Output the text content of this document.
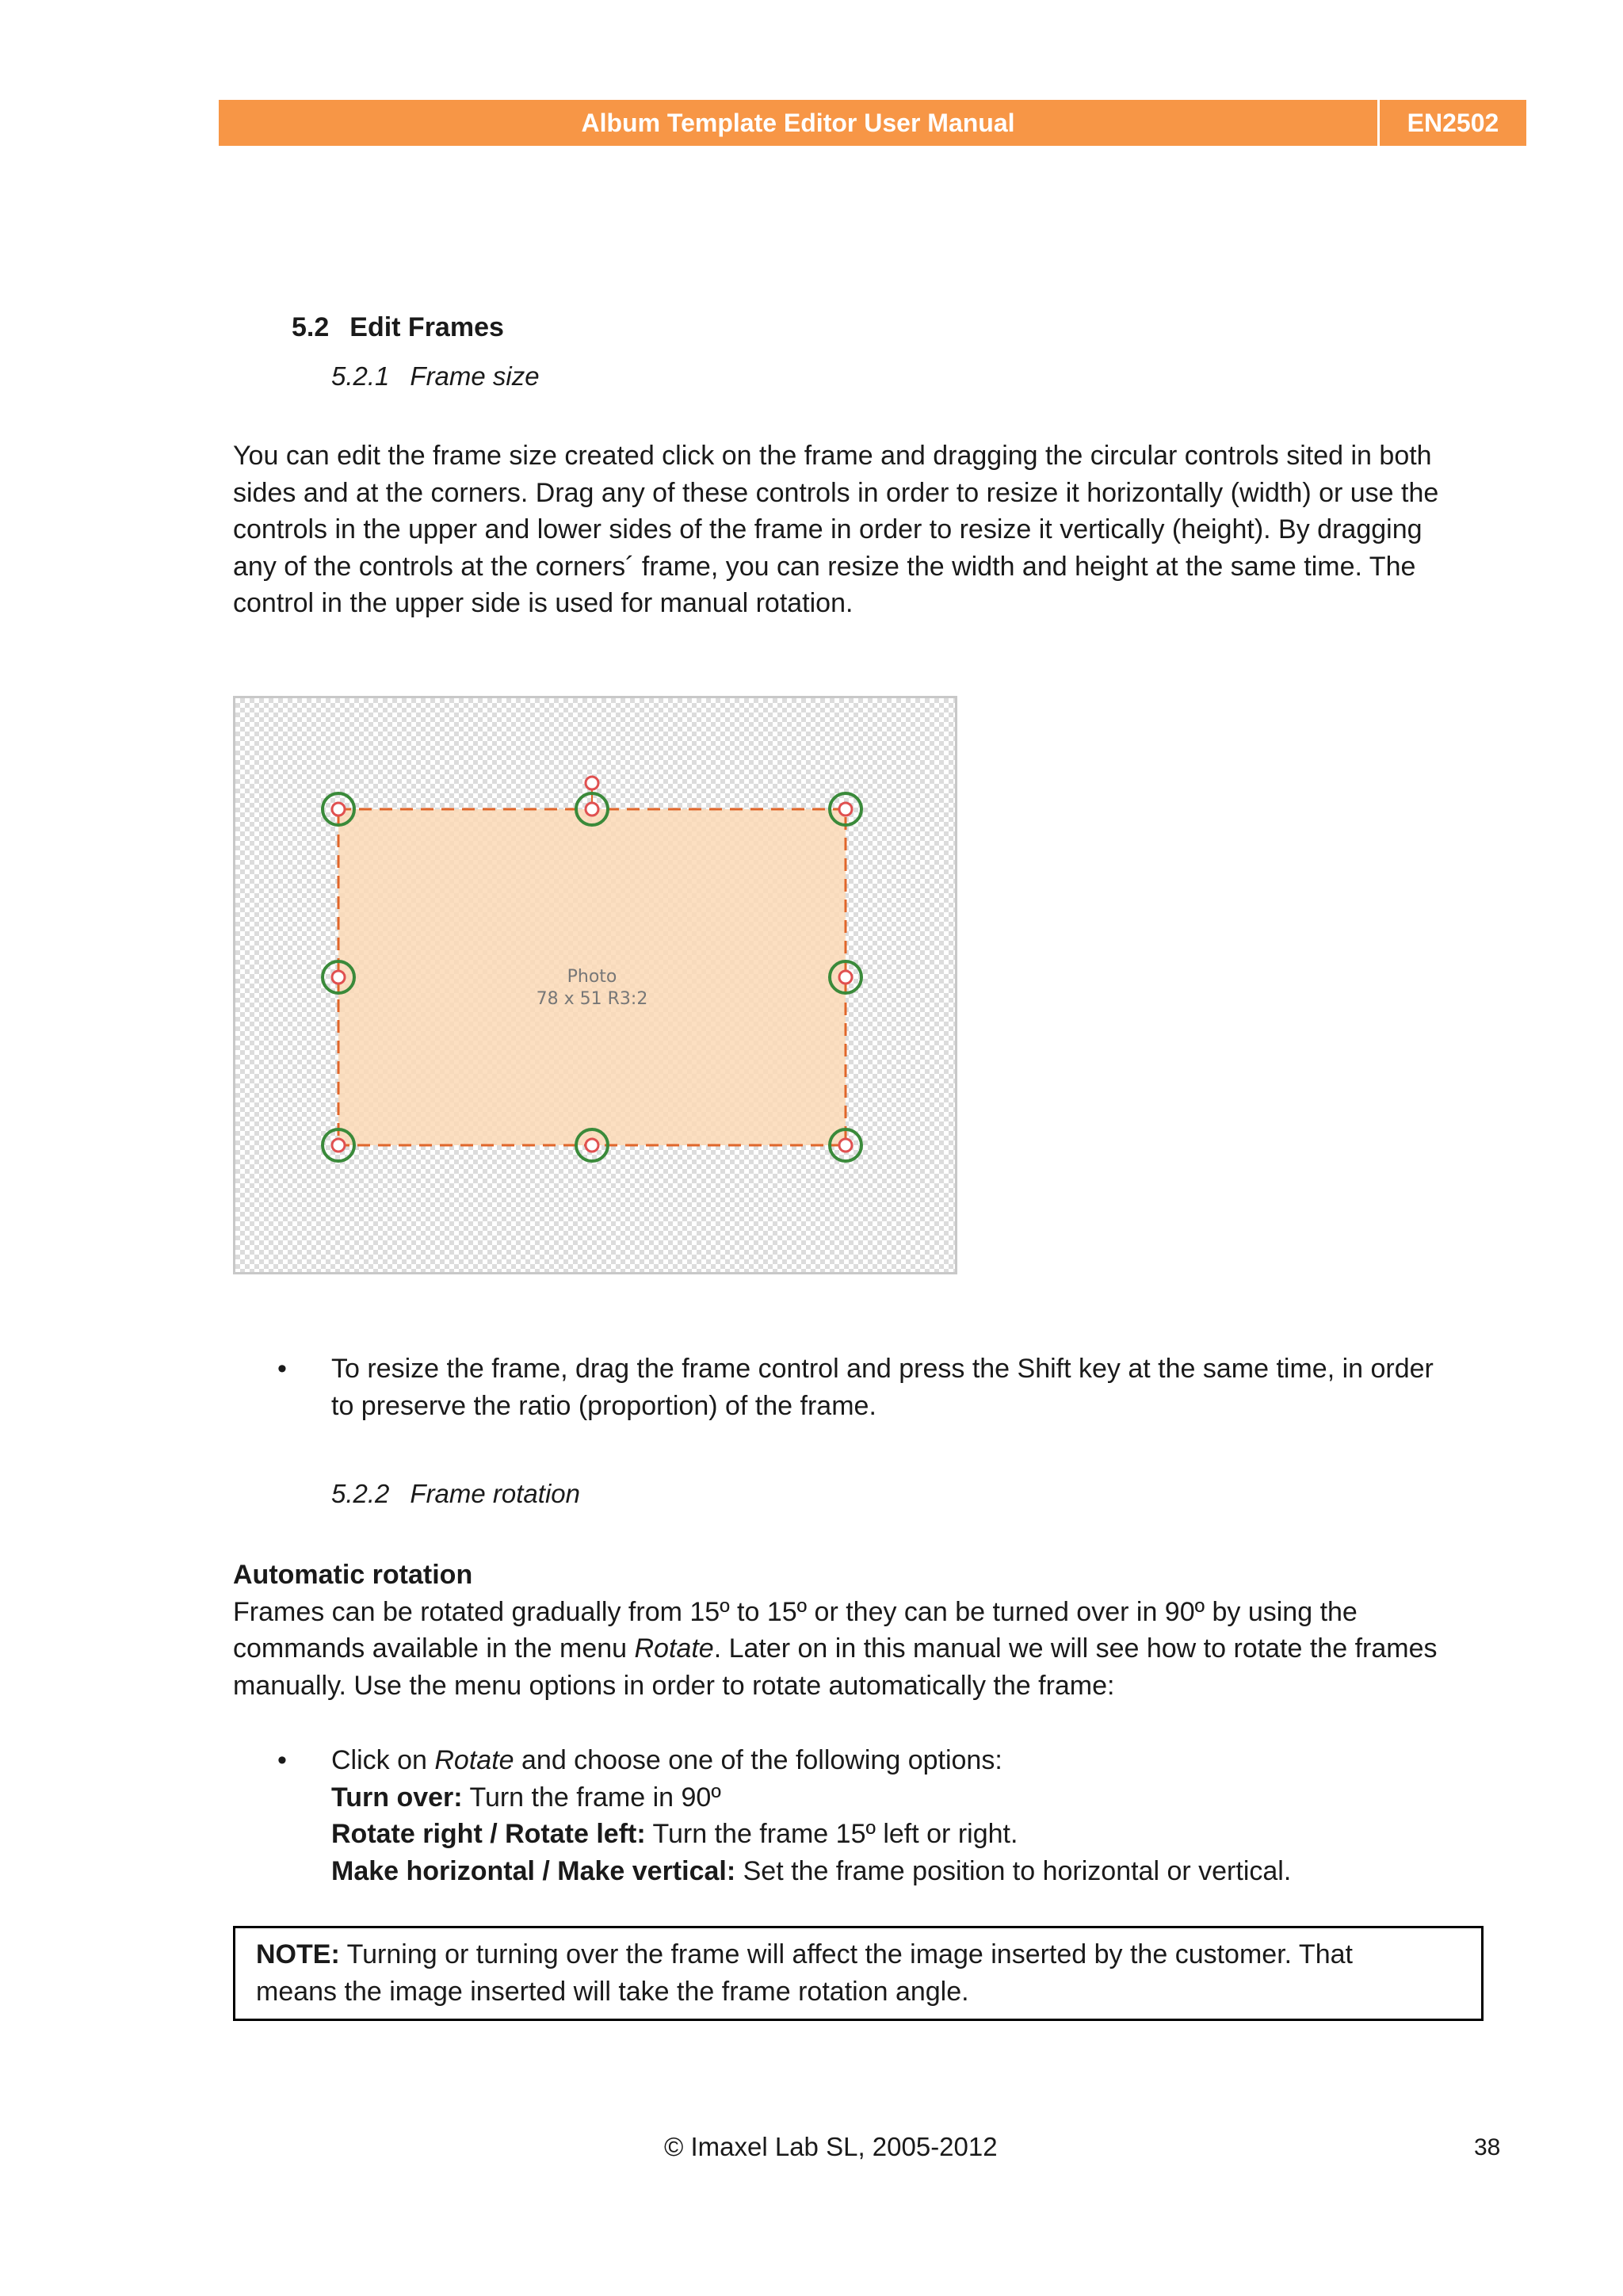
Album Template Editor User Manual	EN2502
5.2 Edit Frames
5.2.1 Frame size
You can edit the frame size created click on the frame and dragging the circular controls sited in both
sides and at the corners. Drag any of these controls in order to resize it horizontally (width) or use the
controls in the upper and lower sides of the frame in order to resize it vertically (height). By dragging
any of the controls at the corners´ frame, you can resize the width and height at the same time. The
control in the upper side is used for manual rotation.
Photo
78 x 51 R3:2
•	To resize the frame, drag the frame control and press the Shift key at the same time, in order
to preserve the ratio (proportion) of the frame.
5.2.2 Frame rotation
Automatic rotation
Frames can be rotated gradually from 15º to 15º or they can be turned over in 90º by using the
commands available in the menu Rotate. Later on in this manual we will see how to rotate the frames
manually. Use the menu options in order to rotate automatically the frame:
•	Click on Rotate and choose one of the following options:
Turn over: Turn the frame in 90º
Rotate right / Rotate left: Turn the frame 15º left or right.
Make horizontal / Make vertical: Set the frame position to horizontal or vertical.
NOTE: Turning or turning over the frame will affect the image inserted by the customer. That
means the image inserted will take the frame rotation angle.
© Imaxel Lab SL, 2005-2012	38
